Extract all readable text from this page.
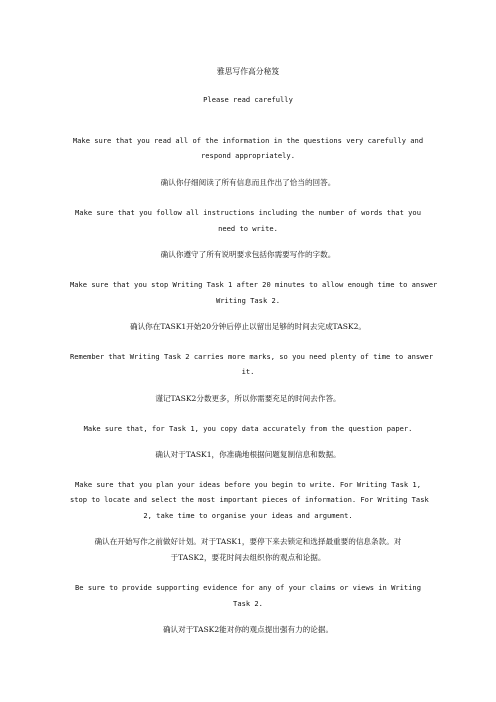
雅思写作高分秘笈
Please read carefully
Make sure that you read all of the information in the questions very carefully and
respond appropriately.
确认你仔细阅读了所有信息而且作出了恰当的回答。
Make sure that you follow all instructions including the number of words that you
need to write.
确认你遵守了所有说明要求包括你需要写作的字数。
Make sure that you stop Writing Task 1 after 20 minutes to allow enough time to answer
Writing Task 2.
确认你在TASK1开始20分钟后停止以留出足够的时间去完成TASK2。
Remember that Writing Task 2 carries more marks, so you need plenty of time to answer
it.
谨记TASK2分数更多，所以你需要充足的时间去作答。
Make sure that, for Task 1, you copy data accurately from the question paper.
确认对于TASK1，你准确地根据问题复制信息和数据。
Make sure that you plan your ideas before you begin to write. For Writing Task 1,
stop to locate and select the most important pieces of information. For Writing Task
2, take time to organise your ideas and argument.
确认在开始写作之前做好计划。对于TASK1，要停下来去锁定和选择最重要的信息条款。对
于TASK2，要花时间去组织你的观点和论据。
Be sure to provide supporting evidence for any of your claims or views in Writing
Task 2.
确认对于TASK2能对你的观点提出强有力的论据。
